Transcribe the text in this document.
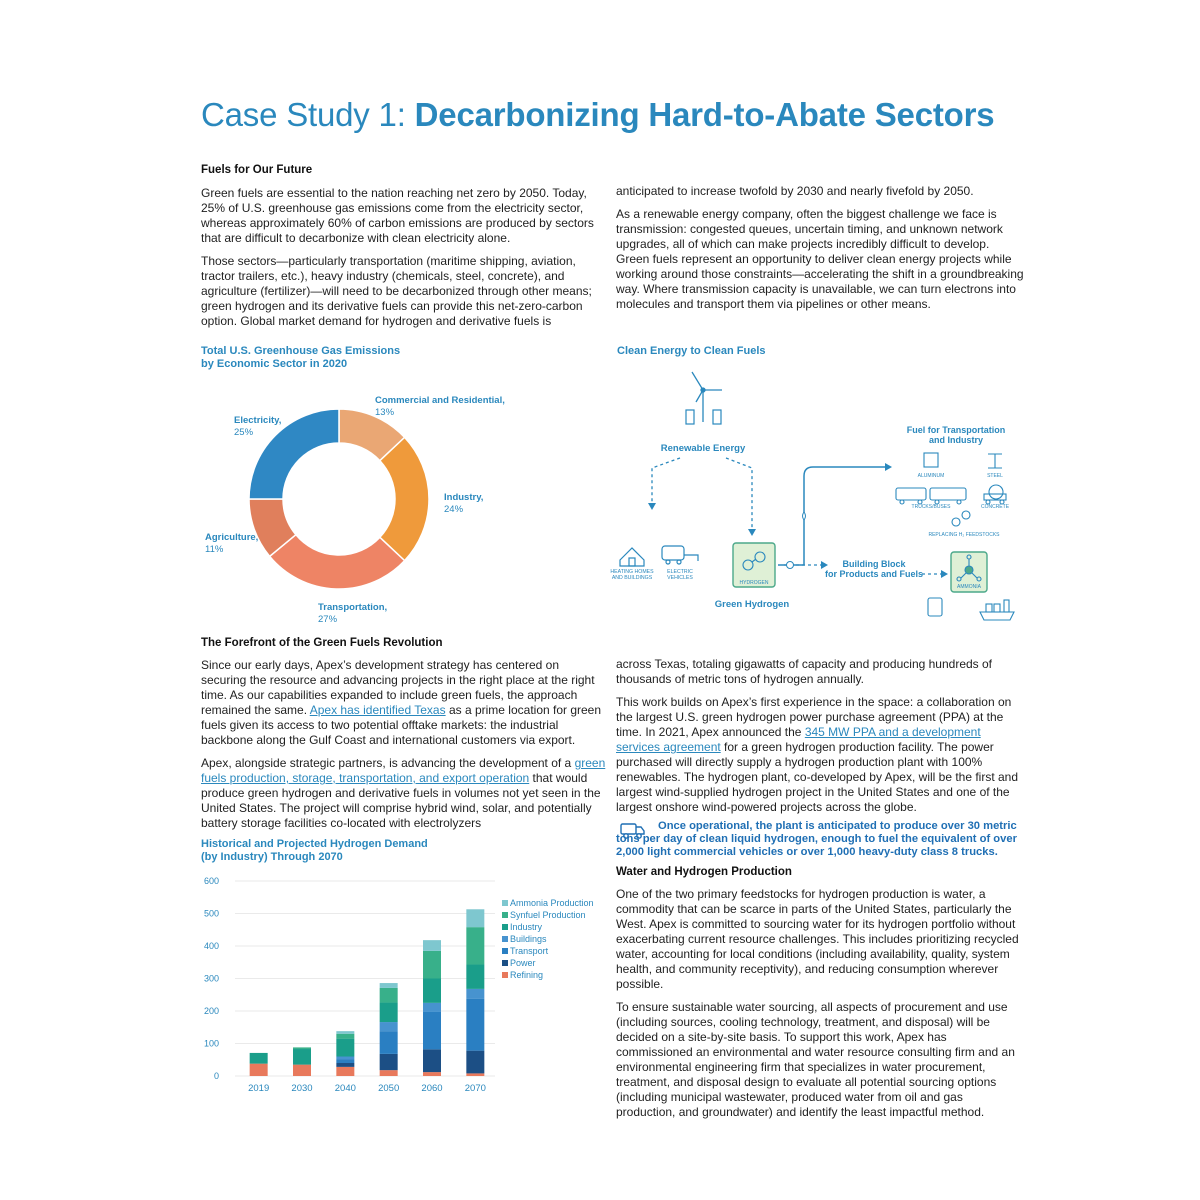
Case Study 1: Decarbonizing Hard-to-Abate Sectors

Fuels for Our Future

Green fuels are essential to the nation reaching net zero by 2050. Today, 25% of U.S. greenhouse gas emissions come from the electricity sector, whereas approximately 60% of carbon emissions are produced by sectors that are difficult to decarbonize with clean electricity alone.

Those sectors—particularly transportation (maritime shipping, aviation, tractor trailers, etc.), heavy industry (chemicals, steel, concrete), and agriculture (fertilizer)—will need to be decarbonized through other means; green hydrogen and its derivative fuels can provide this net-zero-carbon option. Global market demand for hydrogen and derivative fuels is

anticipated to increase twofold by 2030 and nearly fivefold by 2050.

As a renewable energy company, often the biggest challenge we face is transmission: congested queues, uncertain timing, and unknown network upgrades, all of which can make projects incredibly difficult to develop. Green fuels represent an opportunity to deliver clean energy projects while working around those constraints—accelerating the shift in a groundbreaking way. Where transmission capacity is unavailable, we can turn electrons into molecules and transport them via pipelines or other means.

Total U.S. Greenhouse Gas Emissions
by Economic Sector in 2020
Commercial and Residential,
13%
Industry,
24%
Transportation,
27%
Agriculture,
11%
Electricity,
25%
Clean Energy to Clean Fuels
Renewable Energy
HEATING HOMES
AND BUILDINGS
ELECTRIC
VEHICLES
HYDROGEN
Green Hydrogen
Fuel for Transportation
and Industry
ALUMINUM	STEEL
TRUCKS/BUSES	CONCRETE
REPLACING H₂ FEEDSTOCKS
Building Block
for Products and Fuels
AMMONIA

The Forefront of the Green Fuels Revolution

Since our early days, Apex’s development strategy has centered on securing the resource and advancing projects in the right place at the right time. As our capabilities expanded to include green fuels, the approach remained the same. Apex has identified Texas as a prime location for green fuels given its access to two potential offtake markets: the industrial backbone along the Gulf Coast and international customers via export.

Apex, alongside strategic partners, is advancing the development of a green fuels production, storage, transportation, and export operation that would produce green hydrogen and derivative fuels in volumes not yet seen in the United States. The project will comprise hybrid wind, solar, and potentially battery storage facilities co-located with electrolyzers

across Texas, totaling gigawatts of capacity and producing hundreds of thousands of metric tons of hydrogen annually.

This work builds on Apex’s first experience in the space: a collaboration on the largest U.S. green hydrogen power purchase agreement (PPA) at the time. In 2021, Apex announced the 345 MW PPA and a development services agreement for a green hydrogen production facility. The power purchased will directly supply a hydrogen production plant with 100% renewables. The hydrogen plant, co-developed by Apex, will be the first and largest wind-supplied hydrogen project in the United States and one of the largest onshore wind-powered projects across the globe.

Once operational, the plant is anticipated to produce over 30 metric tons per day of clean liquid hydrogen, enough to fuel the equivalent of over 2,000 light commercial vehicles or over 1,000 heavy-duty class 8 trucks.

Water and Hydrogen Production

One of the two primary feedstocks for hydrogen production is water, a commodity that can be scarce in parts of the United States, particularly the West. Apex is committed to sourcing water for its hydrogen portfolio without exacerbating current resource challenges. This includes prioritizing recycled water, accounting for local conditions (including availability, quality, system health, and community receptivity), and reducing consumption wherever possible.

To ensure sustainable water sourcing, all aspects of procurement and use (including sources, cooling technology, treatment, and disposal) will be decided on a site-by-site basis. To support this work, Apex has commissioned an environmental and water resource consulting firm and an environmental engineering firm that specializes in water procurement, treatment, and disposal design to evaluate all potential sourcing options (including municipal wastewater, produced water from oil and gas production, and groundwater) and identify the least impactful method.

Historical and Projected Hydrogen Demand
(by Industry) Through 2070
0
100
200
300
400
500
600
2019 2030 2040 2050 2060 2070
Ammonia Production
Synfuel Production
Industry
Buildings
Transport
Power
Refining
